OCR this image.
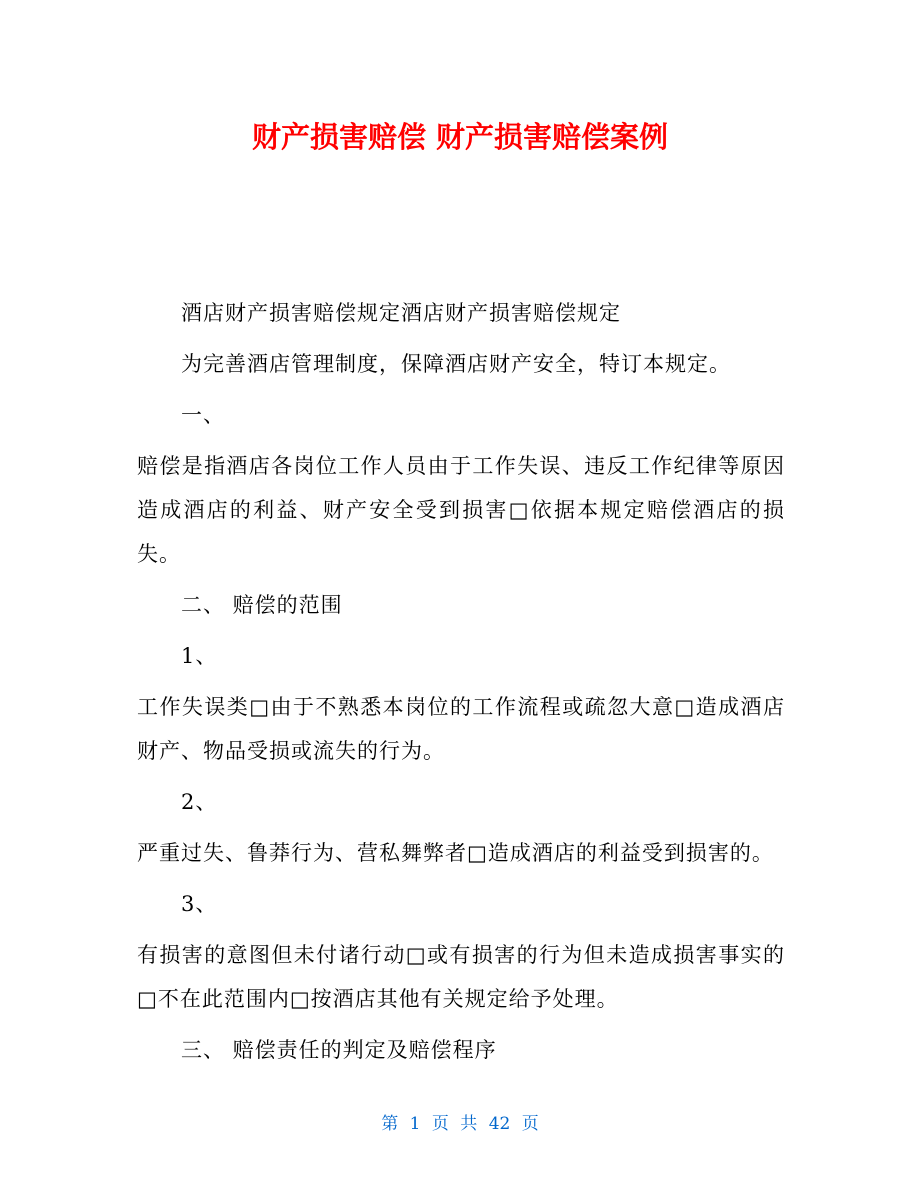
财产损害赔偿 财产损害赔偿案例
酒店财产损害赔偿规定酒店财产损害赔偿规定
为完善酒店管理制度，保障酒店财产安全，特订本规定。
一、
赔偿是指酒店各岗位工作人员由于工作失误、违反工作纪律等原因造成酒店的利益、财产安全受到损害□依据本规定赔偿酒店的损失。
二、 赔偿的范围
1、
工作失误类□由于不熟悉本岗位的工作流程或疏忽大意□造成酒店财产、物品受损或流失的行为。
2、
严重过失、鲁莽行为、营私舞弊者□造成酒店的利益受到损害的。
3、
有损害的意图但未付诸行动□或有损害的行为但未造成损害事实的□不在此范围内□按酒店其他有关规定给予处理。
三、 赔偿责任的判定及赔偿程序
第 1 页 共 42 页
